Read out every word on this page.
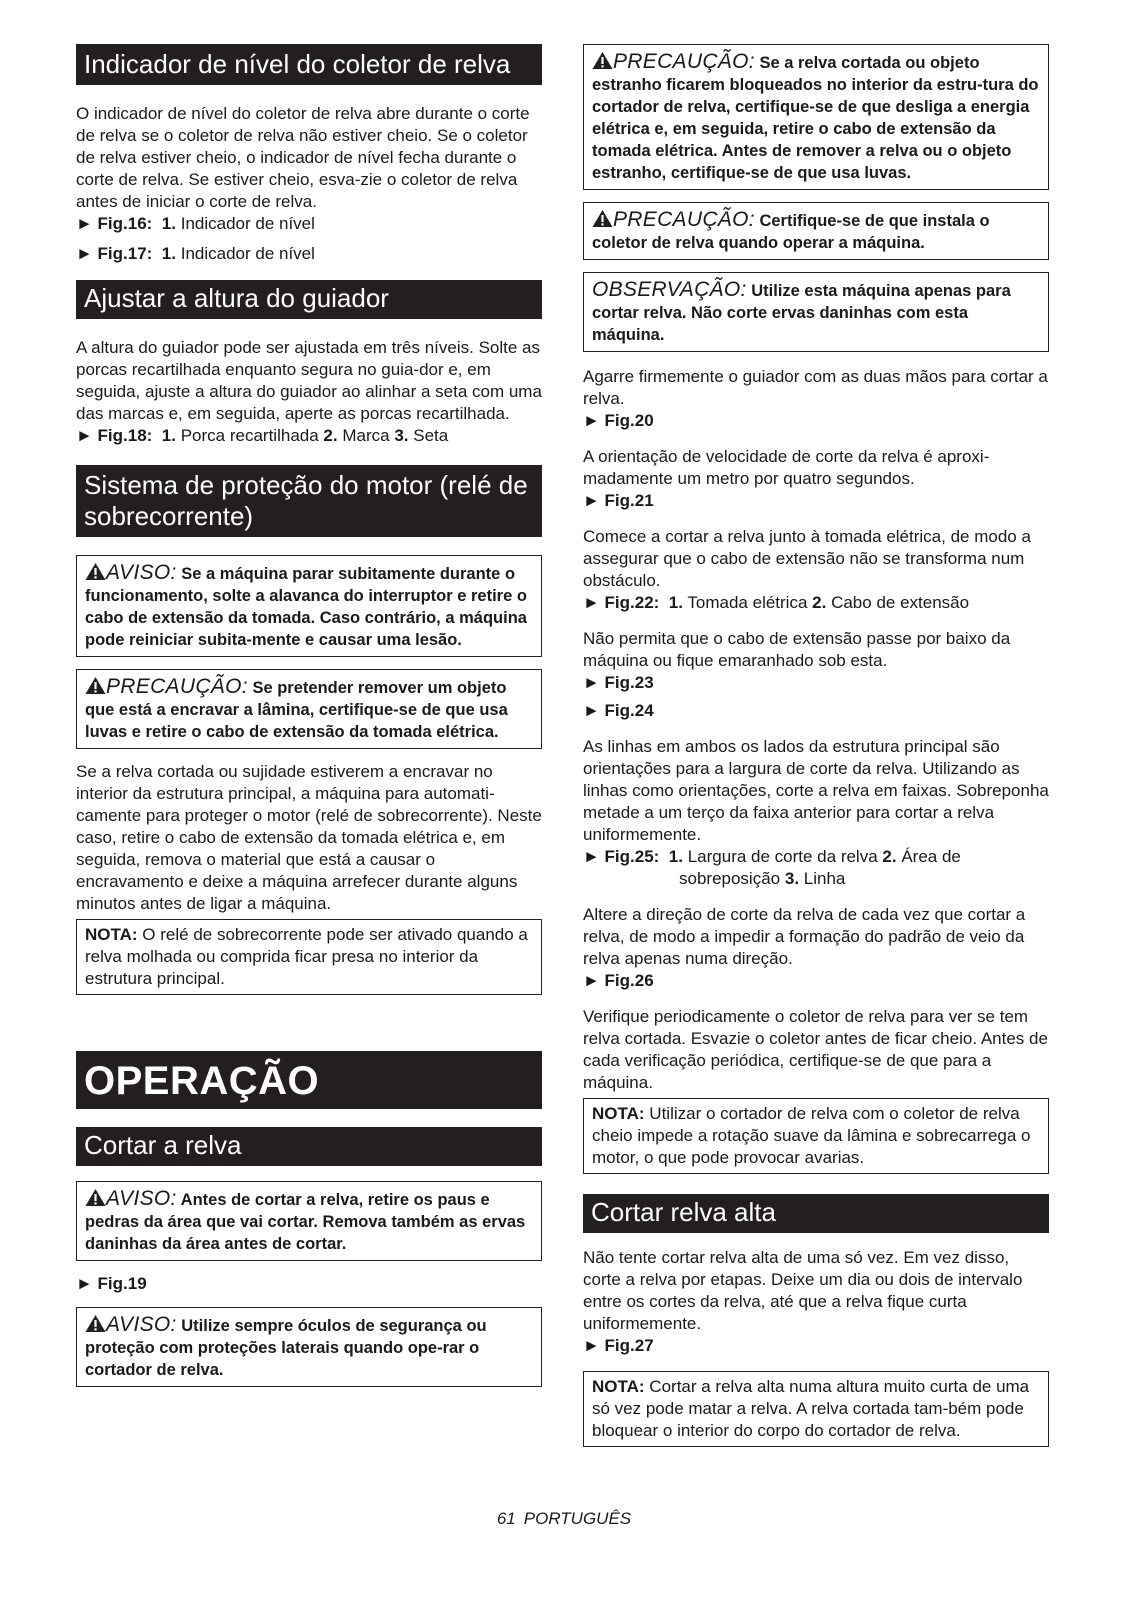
Indicador de nível do coletor de relva

O indicador de nível do coletor de relva abre durante o corte de relva se o coletor de relva não estiver cheio. Se o coletor de relva estiver cheio, o indicador de nível fecha durante o corte de relva. Se estiver cheio, esva-zie o coletor de relva antes de iniciar o corte de relva.

► Fig.16: 1. Indicador de nível
► Fig.17: 1. Indicador de nível
Ajustar a altura do guiador

A altura do guiador pode ser ajustada em três níveis. Solte as porcas recartilhada enquanto segura no guia-dor e, em seguida, ajuste a altura do guiador ao alinhar a seta com uma das marcas e, em seguida, aperte as porcas recartilhada.

► Fig.18: 1. Porca recartilhada 2. Marca 3. Seta
Sistema de proteção do motor (relé de sobrecorrente)
AVISO: Se a máquina parar subitamente durante o funcionamento, solte a alavanca do interruptor e retire o cabo de extensão da tomada. Caso contrário, a máquina pode reiniciar subita-mente e causar uma lesão.
PRECAUÇÃO: Se pretender remover um objeto que está a encravar a lâmina, certifique-se de que usa luvas e retire o cabo de extensão da tomada elétrica.

Se a relva cortada ou sujidade estiverem a encravar no interior da estrutura principal, a máquina para automati-camente para proteger o motor (relé de sobrecorrente). Neste caso, retire o cabo de extensão da tomada elétrica e, em seguida, remova o material que está a causar o encravamento e deixe a máquina arrefecer durante alguns minutos antes de ligar a máquina.

NOTA: O relé de sobrecorrente pode ser ativado quando a relva molhada ou comprida ficar presa no interior da estrutura principal.
OPERAÇÃO
Cortar a relva
AVISO: Antes de cortar a relva, retire os paus e pedras da área que vai cortar. Remova também as ervas daninhas da área antes de cortar.
► Fig.19
AVISO: Utilize sempre óculos de segurança ou proteção com proteções laterais quando ope-rar o cortador de relva.
PRECAUÇÃO: Se a relva cortada ou objeto estranho ficarem bloqueados no interior da estru-tura do cortador de relva, certifique-se de que desliga a energia elétrica e, em seguida, retire o cabo de extensão da tomada elétrica. Antes de remover a relva ou o objeto estranho, certifique-se de que usa luvas.
PRECAUÇÃO: Certifique-se de que instala o coletor de relva quando operar a máquina.
OBSERVAÇÃO: Utilize esta máquina apenas para cortar relva. Não corte ervas daninhas com esta máquina.

Agarre firmemente o guiador com as duas mãos para cortar a relva.

► Fig.20

A orientação de velocidade de corte da relva é aproxi-madamente um metro por quatro segundos.

► Fig.21

Comece a cortar a relva junto à tomada elétrica, de modo a assegurar que o cabo de extensão não se transforma num obstáculo.

► Fig.22: 1. Tomada elétrica 2. Cabo de extensão

Não permita que o cabo de extensão passe por baixo da máquina ou fique emaranhado sob esta.

► Fig.23
► Fig.24

As linhas em ambos os lados da estrutura principal são orientações para a largura de corte da relva. Utilizando as linhas como orientações, corte a relva em faixas. Sobreponha metade a um terço da faixa anterior para cortar a relva uniformemente.

► Fig.25: 1. Largura de corte da relva 2. Área de
sobreposição 3. Linha

Altere a direção de corte da relva de cada vez que cortar a relva, de modo a impedir a formação do padrão de veio da relva apenas numa direção.

► Fig.26

Verifique periodicamente o coletor de relva para ver se tem relva cortada. Esvazie o coletor antes de ficar cheio. Antes de cada verificação periódica, certifique-se de que para a máquina.

NOTA: Utilizar o cortador de relva com o coletor de relva cheio impede a rotação suave da lâmina e sobrecarrega o motor, o que pode provocar avarias.
Cortar relva alta

Não tente cortar relva alta de uma só vez. Em vez disso, corte a relva por etapas. Deixe um dia ou dois de intervalo entre os cortes da relva, até que a relva fique curta uniformemente.

► Fig.27
NOTA: Cortar a relva alta numa altura muito curta de uma só vez pode matar a relva. A relva cortada tam-bém pode bloquear o interior do corpo do cortador de relva.
61 PORTUGUÊS
